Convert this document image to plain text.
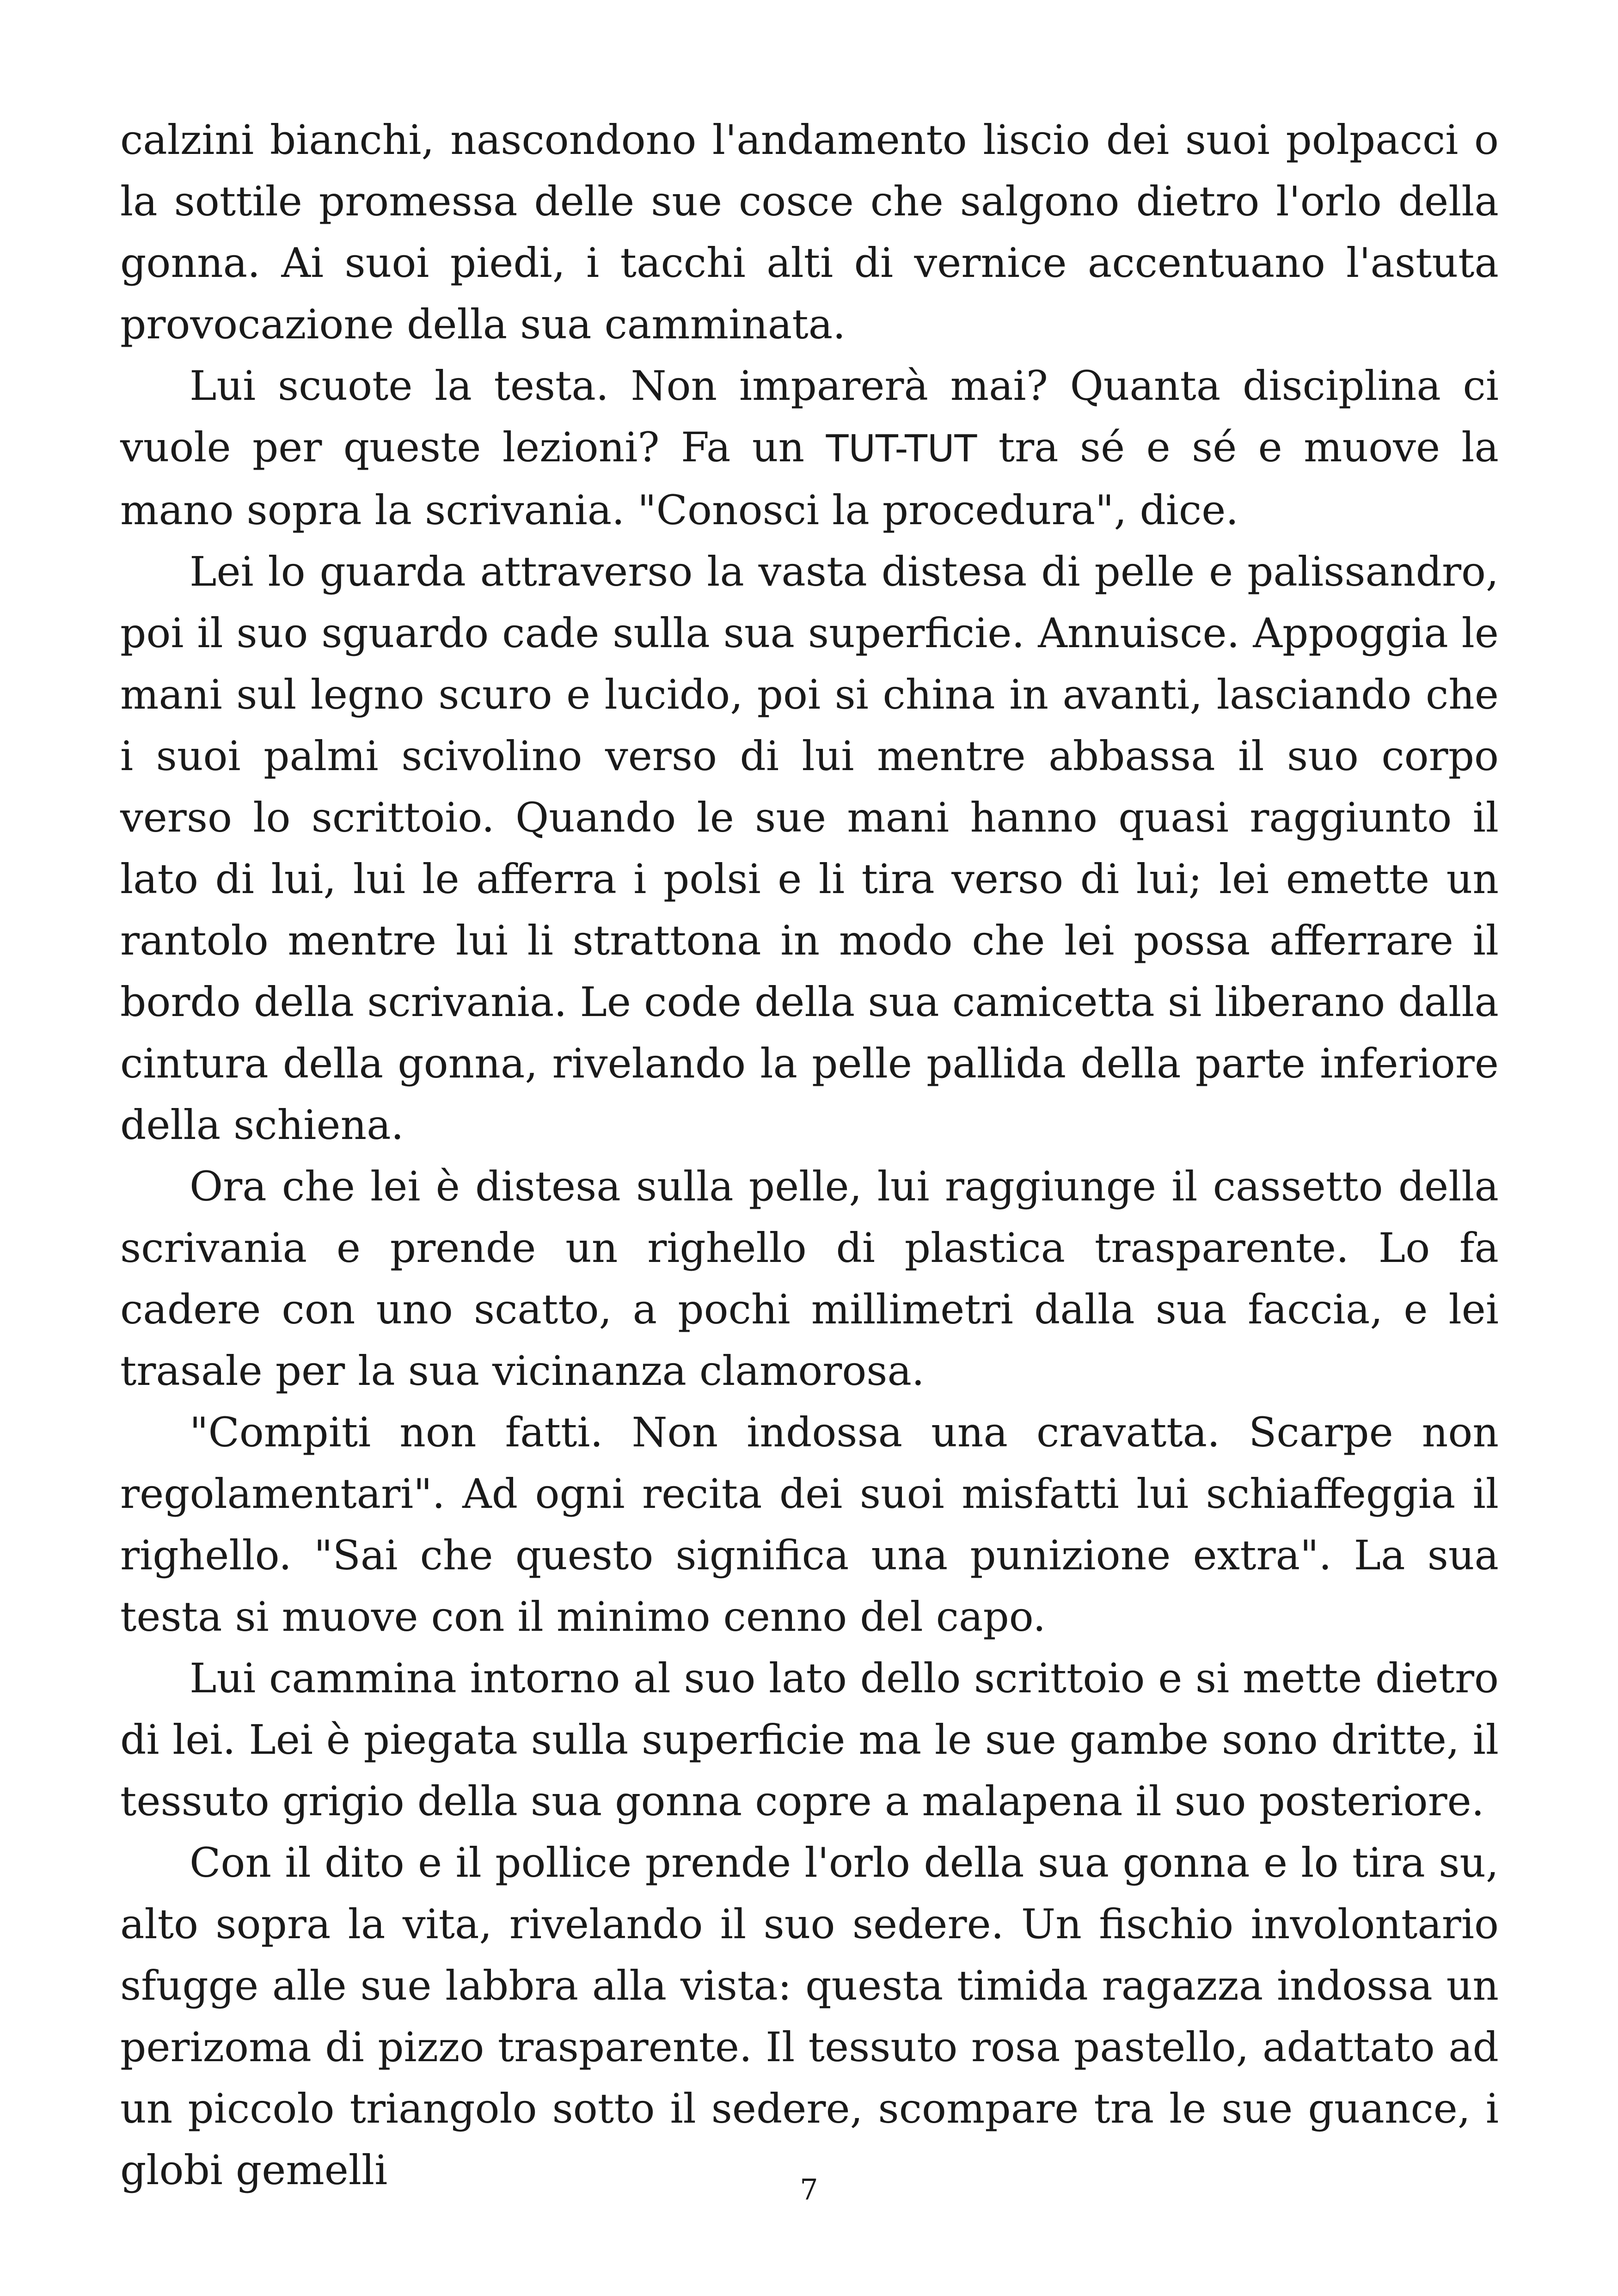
calzini bianchi, nascondono l'andamento liscio dei suoi polpacci o la sottile promessa delle sue cosce che salgono dietro l'orlo della gonna. Ai suoi piedi, i tacchi alti di vernice accentuano l'astuta provocazione della sua camminata.

Lui scuote la testa. Non imparerà mai? Quanta disciplina ci vuole per queste lezioni? Fa un TUT-TUT tra sé e sé e muove la mano sopra la scrivania. "Conosci la procedura", dice.

Lei lo guarda attraverso la vasta distesa di pelle e palissandro, poi il suo sguardo cade sulla sua superficie. Annuisce. Appoggia le mani sul legno scuro e lucido, poi si china in avanti, lasciando che i suoi palmi scivolino verso di lui mentre abbassa il suo corpo verso lo scrittoio. Quando le sue mani hanno quasi raggiunto il lato di lui, lui le afferra i polsi e li tira verso di lui; lei emette un rantolo mentre lui li strattona in modo che lei possa afferrare il bordo della scrivania. Le code della sua camicetta si liberano dalla cintura della gonna, rivelando la pelle pallida della parte inferiore della schiena.

Ora che lei è distesa sulla pelle, lui raggiunge il cassetto della scrivania e prende un righello di plastica trasparente. Lo fa cadere con uno scatto, a pochi millimetri dalla sua faccia, e lei trasale per la sua vicinanza clamorosa.

"Compiti non fatti. Non indossa una cravatta. Scarpe non regolamentari". Ad ogni recita dei suoi misfatti lui schiaffeggia il righello. "Sai che questo significa una punizione extra". La sua testa si muove con il minimo cenno del capo.

Lui cammina intorno al suo lato dello scrittoio e si mette dietro di lei. Lei è piegata sulla superficie ma le sue gambe sono dritte, il tessuto grigio della sua gonna copre a malapena il suo posteriore.

Con il dito e il pollice prende l'orlo della sua gonna e lo tira su, alto sopra la vita, rivelando il suo sedere. Un fischio involontario sfugge alle sue labbra alla vista: questa timida ragazza indossa un perizoma di pizzo trasparente. Il tessuto rosa pastello, adattato ad un piccolo triangolo sotto il sedere, scompare tra le sue guance, i globi gemelli	7
